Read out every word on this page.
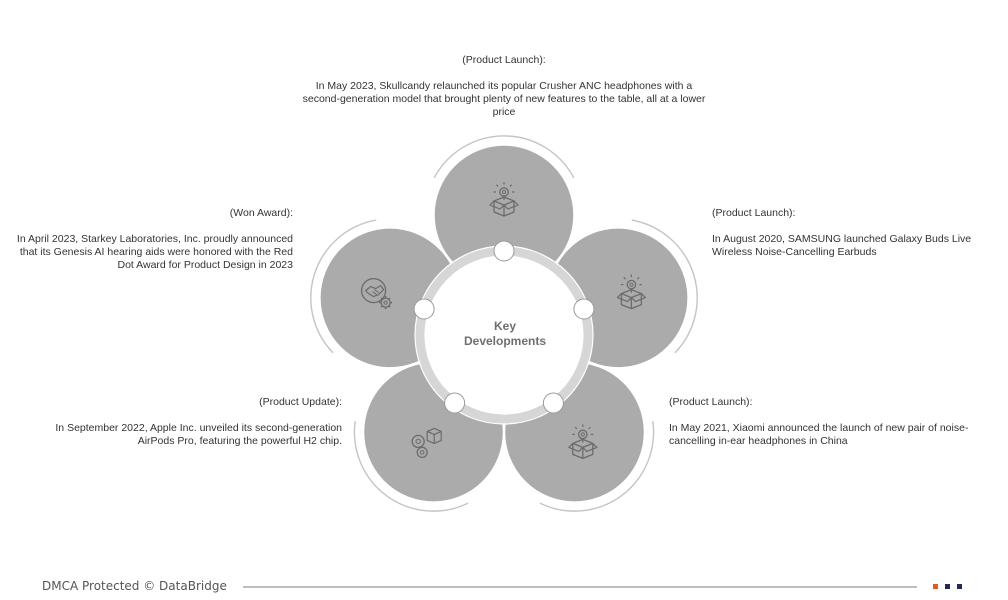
(Product Launch):

In May 2023, Skullcandy relaunched its popular Crusher ANC headphones with a second-generation model that brought plenty of new features to the table, all at a lower price

(Won Award):

In April 2023, Starkey Laboratories, Inc. proudly announced that its Genesis AI hearing aids were honored with the Red Dot Award for Product Design in 2023

(Product Launch):

In August 2020, SAMSUNG launched Galaxy Buds Live Wireless Noise-Cancelling Earbuds

(Product Update):

In September 2022, Apple Inc. unveiled its second-generation AirPods Pro, featuring the powerful H2 chip.

(Product Launch):

In May 2021, Xiaomi announced the launch of new pair of noise-cancelling in-ear headphones in China

Key
Developments
DMCA Protected © DataBridge
